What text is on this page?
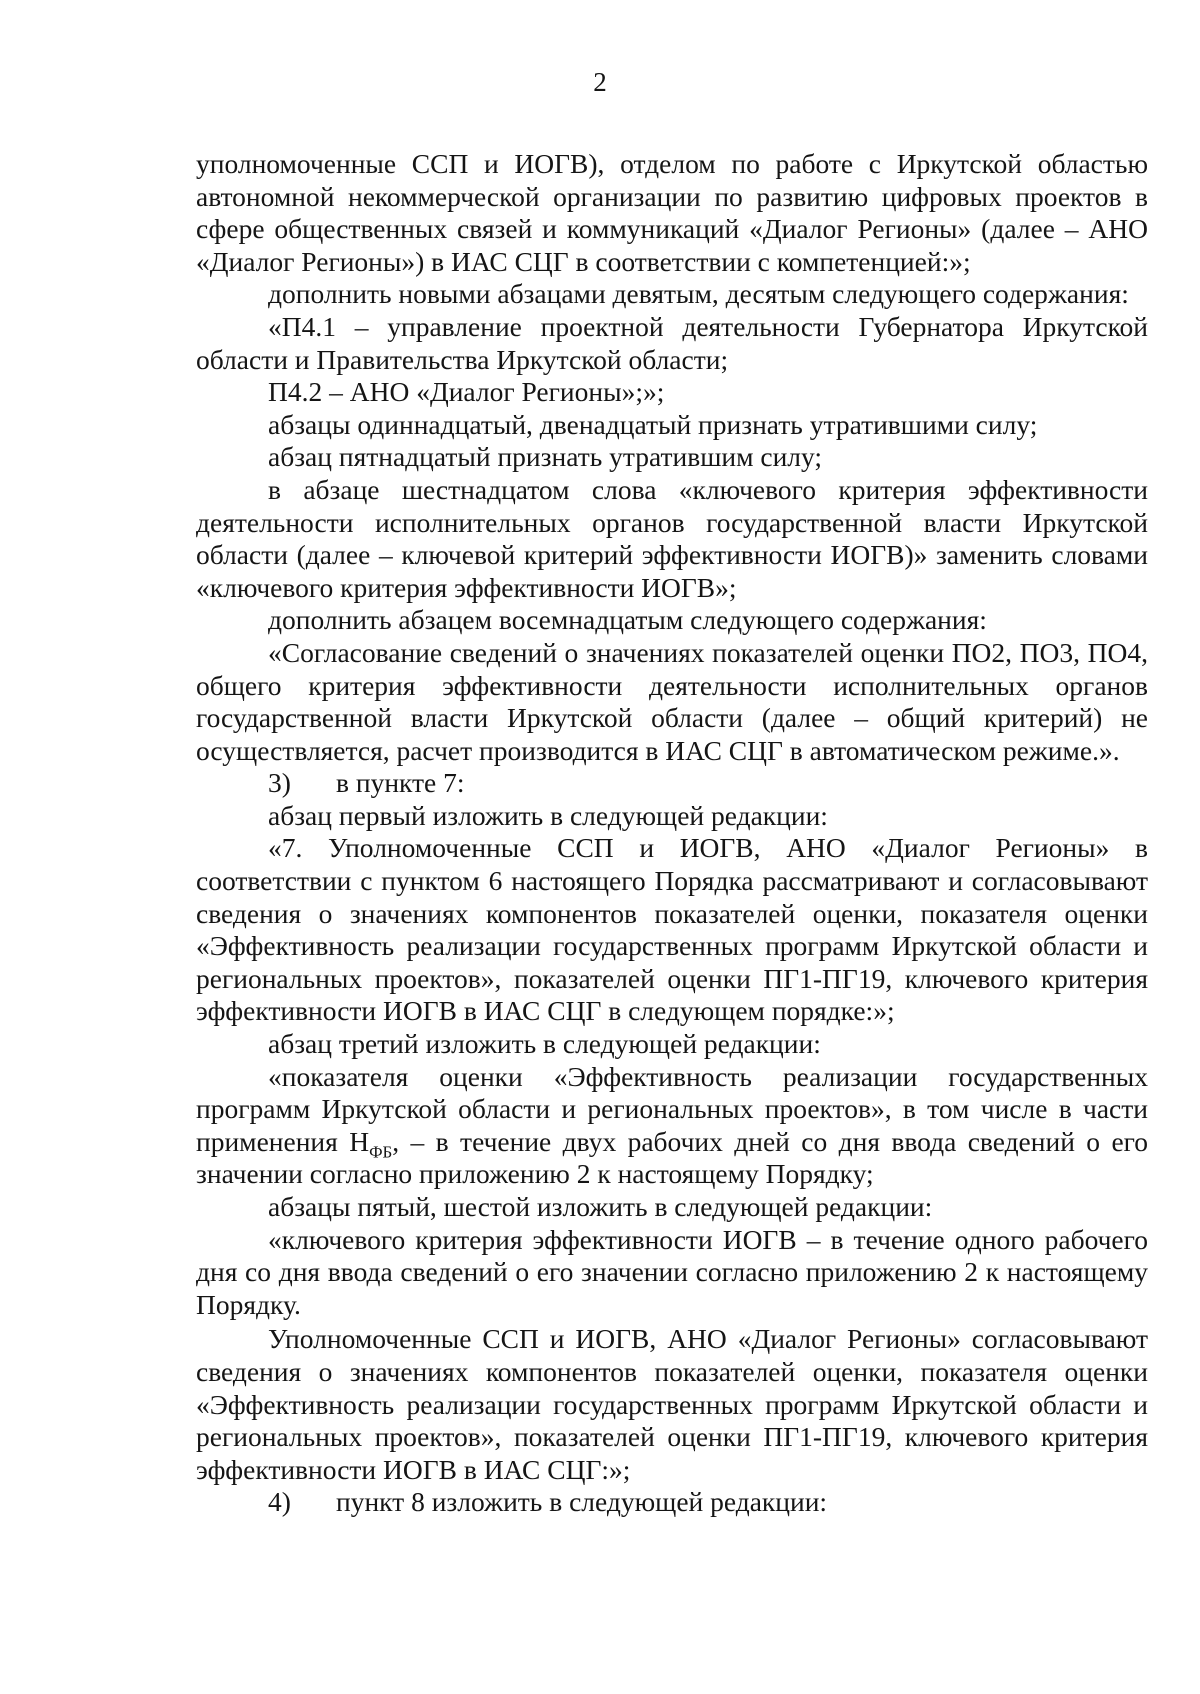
2

уполномоченные ССП и ИОГВ), отделом по работе с Иркутской областью автономной некоммерческой организации по развитию цифровых проектов в сфере общественных связей и коммуникаций «Диалог Регионы» (далее – АНО «Диалог Регионы») в ИАС СЦГ в соответствии с компетенцией:»;

дополнить новыми абзацами девятым, десятым следующего содержания:

«П4.1 – управление проектной деятельности Губернатора Иркутской области и Правительства Иркутской области;

П4.2 – АНО «Диалог Регионы»;»;

абзацы одиннадцатый, двенадцатый признать утратившими силу;

абзац пятнадцатый признать утратившим силу;

в абзаце шестнадцатом слова «ключевого критерия эффективности деятельности исполнительных органов государственной власти Иркутской области (далее – ключевой критерий эффективности ИОГВ)» заменить словами «ключевого критерия эффективности ИОГВ»;

дополнить абзацем восемнадцатым следующего содержания:

«Согласование сведений о значениях показателей оценки ПО2, ПО3, ПО4, общего критерия эффективности деятельности исполнительных органов государственной власти Иркутской области (далее – общий критерий) не осуществляется, расчет производится в ИАС СЦГ в автоматическом режиме.».

3) в пункте 7:

абзац первый изложить в следующей редакции:

«7. Уполномоченные ССП и ИОГВ, АНО «Диалог Регионы» в соответствии с пунктом 6 настоящего Порядка рассматривают и согласовывают сведения о значениях компонентов показателей оценки, показателя оценки «Эффективность реализации государственных программ Иркутской области и региональных проектов», показателей оценки ПГ1-ПГ19, ключевого критерия эффективности ИОГВ в ИАС СЦГ в следующем порядке:»;

абзац третий изложить в следующей редакции:

«показателя оценки «Эффективность реализации государственных программ Иркутской области и региональных проектов», в том числе в части применения $Н_{ФБ}$, – в течение двух рабочих дней со дня ввода сведений о его значении согласно приложению 2 к настоящему Порядку;

абзацы пятый, шестой изложить в следующей редакции:

«ключевого критерия эффективности ИОГВ – в течение одного рабочего дня со дня ввода сведений о его значении согласно приложению 2 к настоящему Порядку.

Уполномоченные ССП и ИОГВ, АНО «Диалог Регионы» согласовывают сведения о значениях компонентов показателей оценки, показателя оценки «Эффективность реализации государственных программ Иркутской области и региональных проектов», показателей оценки ПГ1-ПГ19, ключевого критерия эффективности ИОГВ в ИАС СЦГ:»;

4) пункт 8 изложить в следующей редакции:
